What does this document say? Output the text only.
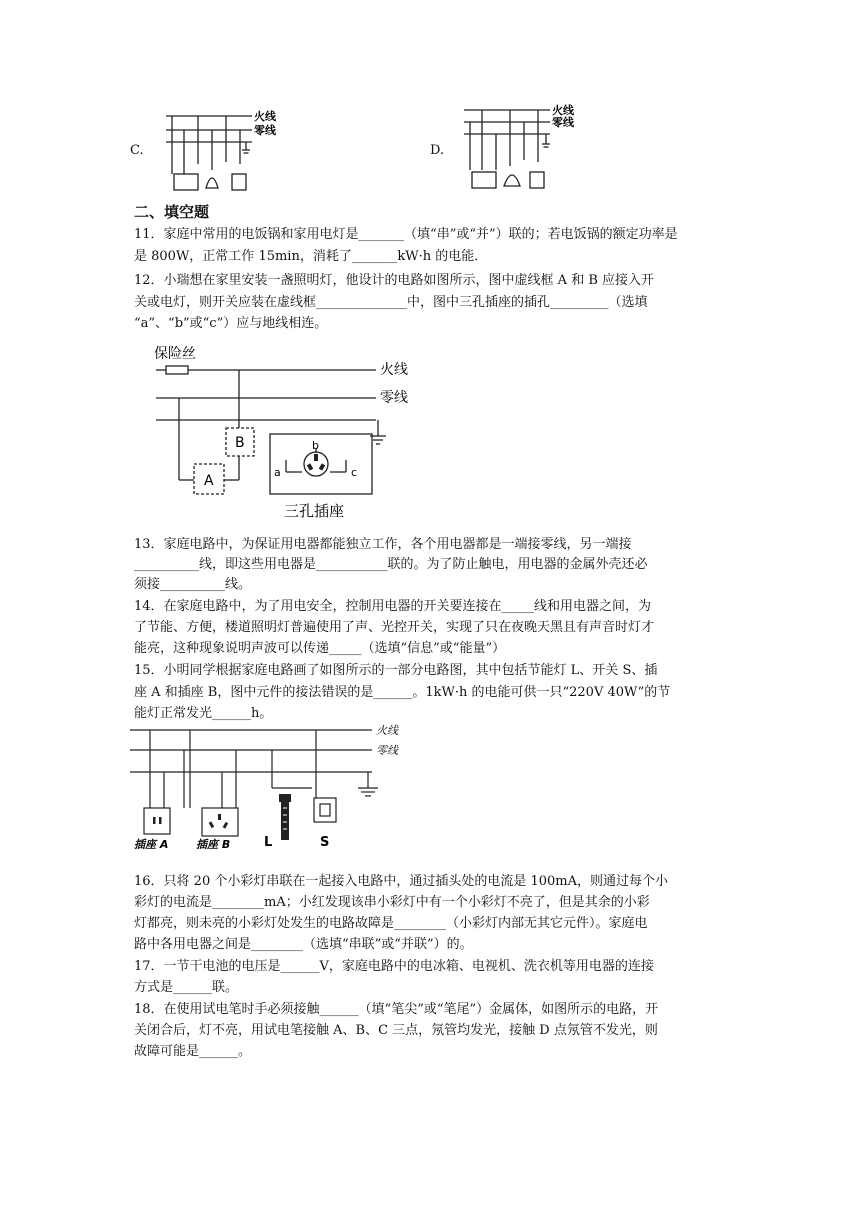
C.
火线
零线
D.
火线
零线
二、填空题
11．家庭中常用的电饭锅和家用电灯是_______（填“串”或“并”）联的；若电饭锅的额定功率是
是 800W，正常工作 15min，消耗了_______kW·h 的电能．
12．小瑞想在家里安装一盏照明灯，他设计的电路如图所示，图中虚线框 A 和 B 应接入开
关或电灯，则开关应装在虚线框______________中，图中三孔插座的插孔_________（选填
“a”、“b”或“c”）应与地线相连。
保险丝
火线
零线
A
B	b
a	c
三孔插座
13．家庭电路中，为保证用电器都能独立工作，各个用电器都是一端接零线，另一端接
__________线，即这些用电器是___________联的。为了防止触电，用电器的金属外壳还必
须接__________线。
14．在家庭电路中，为了用电安全，控制用电器的开关要连接在_____线和用电器之间，为
了节能、方便，楼道照明灯普遍使用了声、光控开关，实现了只在夜晚天黑且有声音时灯才
能亮，这种现象说明声波可以传递_____（选填“信息”或“能量”）
15．小明同学根据家庭电路画了如图所示的一部分电路图，其中包括节能灯 L、开关 S、插
座 A 和插座 B，图中元件的接法错误的是______。1kW·h 的电能可供一只“220V 40W”的节
能灯正常发光______h。
火线
零线
插座 A	插座 B	L	S
16．只将 20 个小彩灯串联在一起接入电路中，通过插头处的电流是 100mA，则通过每个小
彩灯的电流是________mA；小红发现该串小彩灯中有一个小彩灯不亮了，但是其余的小彩
灯都亮，则未亮的小彩灯处发生的电路故障是________（小彩灯内部无其它元件）。家庭电
路中各用电器之间是________（选填“串联”或“并联”）的。
17．一节干电池的电压是______V，家庭电路中的电冰箱、电视机、洗衣机等用电器的连接
方式是______联。
18．在使用试电笔时手必须接触______（填“笔尖”或“笔尾”）金属体，如图所示的电路，开
关闭合后，灯不亮，用试电笔接触 A、B、C 三点，氖管均发光，接触 D 点氖管不发光，则
故障可能是______。
